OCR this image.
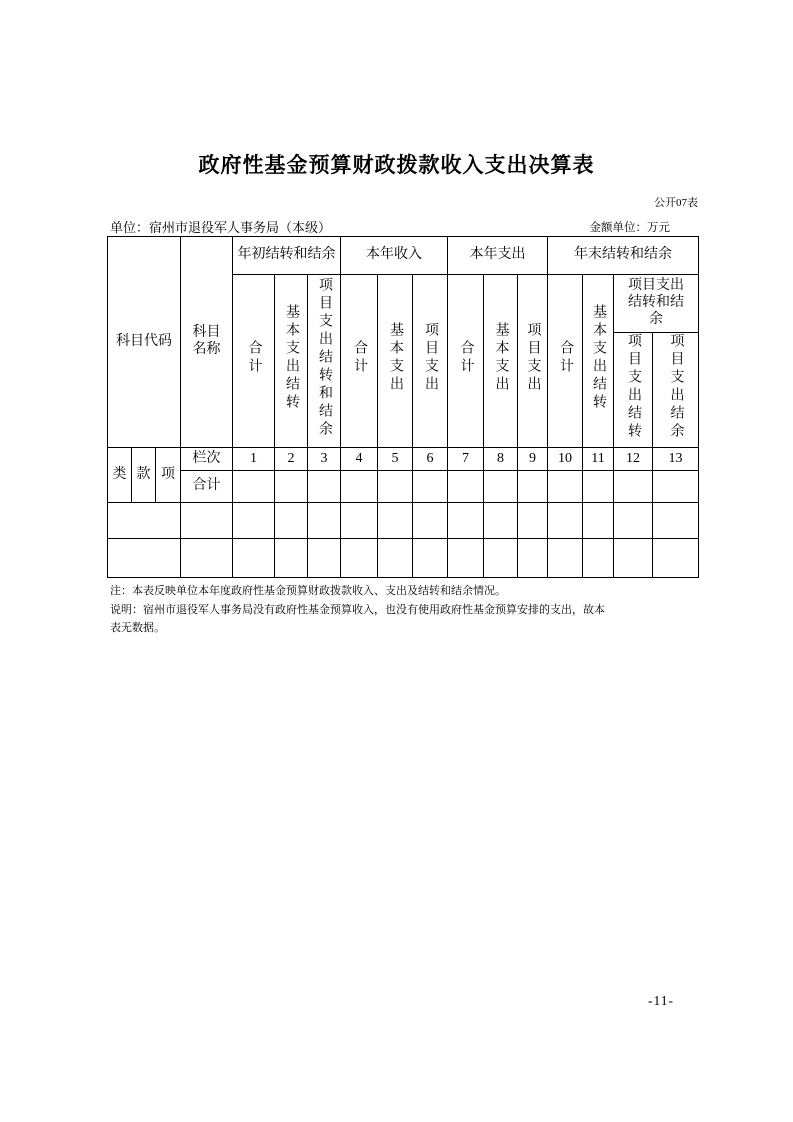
政府性基金预算财政拨款收入支出决算表
公开07表
单位：宿州市退役军人事务局（本级）	金额单位：万元
科目代码			科目名称	年初结转和结余			本年收入			本年支出			年末结转和结余			
				合计	基本支出结转	项目支出结转和结余	合计	基本支出	项目支出	合计	基本支出	项目支出	合计	基本支出结转	项目支出结转和结余	

															项目支出结转	项目支出结余
类	款	项	栏次	1	2	3	4	5	6	7	8	9	10	11	12	13
			合计													

注：本表反映单位本年度政府性基金预算财政拨款收入、支出及结转和结余情况。
说明：宿州市退役军人事务局没有政府性基金预算收入，也没有使用政府性基金预算安排的支出，故本表无数据。
-11-
